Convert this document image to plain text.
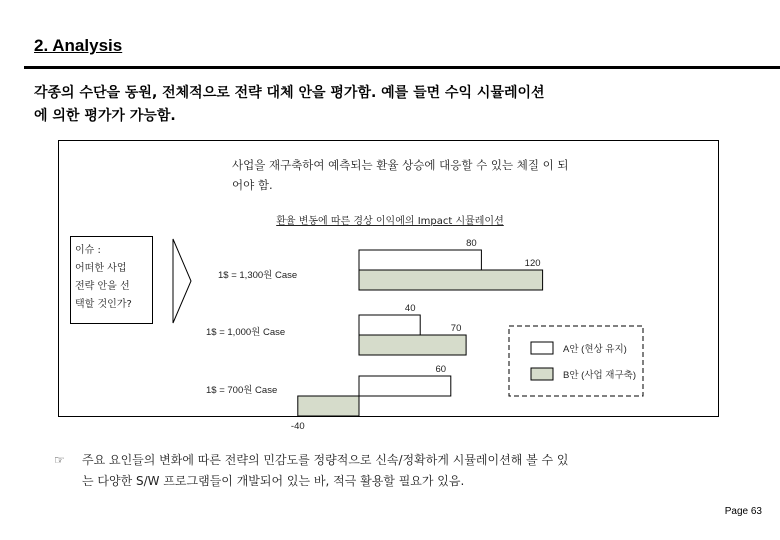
2. Analysis
각종의 수단을 동원, 전체적으로 전략 대체 안을 평가함. 예를 들면 수익 시뮬레이션
에 의한 평가가 가능함.
사업을 재구축하여 예측되는 환율 상승에 대응할 수 있는 체질 이 되
어야 함.
환율 변동에 따른 경상 이익에의 Impact 시뮬레이션
이슈 :
어떠한 사업
전략 안을 선
택할 것인가?
1$ = 1,300원 Case
80
120
1$ = 1,000원 Case
40
70
1$ = 700원 Case
60
-40
A안 (현상 유지)
B안 (사업 재구축)
☞ 주요 요인들의 변화에 따른 전략의 민감도를 정량적으로 신속/정확하게 시뮬레이션해 볼 수 있
는 다양한 S/W 프로그램들이 개발되어 있는 바, 적극 활용할 필요가 있음.
Page 63
